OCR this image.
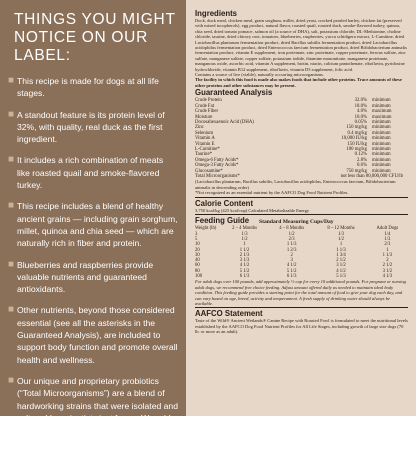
THINGS YOU MIGHT NOTICE ON OUR LABEL:
■ This recipe is made for dogs at all life stages.
■ A standout feature is its protein level of 32%, with quality, real duck as the first ingredient.
■ It includes a rich combination of meats like roasted quail and smoke-flavored turkey.
■ This recipe includes a blend of healthy ancient grains — including grain sorghum, millet, quinoa and chia seed — which are naturally rich in fiber and protein.
■ Blueberries and raspberries provide valuable nutrients and guaranteed antioxidants.
■ Other nutrients, beyond those considered essential (see all the asterisks in the Guaranteed Analysis), are included to support body function and promote overall health and wellness.
■ Our unique and proprietary probiotics (“Total Microorganisms”) are a blend of hardworking strains that were isolated and cultured by scientists just for us. We add them at guaranteed levels so every serving can help support digestive, immune and overall health.

Ingredients

Duck, duck meal, chicken meal, grain sorghum, millet, dried yeast, cracked pearled barley, chicken fat (preserved with mixed tocopherols), egg product, natural flavor, roasted quail, roasted duck, smoke-flavored turkey, quinoa, chia seed, dried tomato pomace, salmon oil (a source of DHA), salt, potassium chloride, DL-Methionine, choline chloride, taurine, dried chicory root, tomatoes, blueberries, raspberries, yucca schidigera extract, L-Carnitine, dried Lactobacillus plantarum fermentation product, dried Bacillus subtilis fermentation product, dried Lactobacillus acidophilus fermentation product, dried Enterococcus faecium fermentation product, dried Bifidobacterium animalis fermentation product, vitamin E supplement, iron proteinate, zinc proteinate, copper proteinate, ferrous sulfate, zinc sulfate, manganese sulfate, copper sulfate, potassium iodide, thiamine mononitrate, manganese proteinate, manganous oxide, ascorbic acid, vitamin A supplement, biotin, niacin, calcium pantothenate, riboflavin, pyridoxine hydrochloride, vitamin B12 supplement, riboflavin, vitamin D3 supplement, folic acid.

Contains a source of live (viable), naturally occurring microorganisms.

The facility in which this food is made also makes foods that include other proteins. Trace amounts of these other proteins and other substances may be present.

Guaranteed Analysis

Crude Protein	32.0%	minimum
Crude Fat	18.0%	minimum
Crude Fiber	4.0%	maximum
Moisture	10.0%	maximum
Docosahexaenoic Acid (DHA)	0.05%	minimum
Zinc	150 mg/kg	minimum
Selenium	0.4 mg/kg	minimum
Vitamin A	10,000 IU/kg	minimum
Vitamin E	150 IU/kg	minimum
L-Carnitine*	100 mg/kg	minimum
Taurine*	0.12%	minimum
Omega-6 Fatty Acids*	2.8%	minimum
Omega-3 Fatty Acids*	0.6%	minimum
Glucosamine*	750 mg/kg	minimum
Total Microorganisms*	not less than 80,000,000 CFU/lb	

(Lactobacillus plantarum, Bacillus subtilis, Lactobacillus acidophilus, Enterococcus faecium, Bifidobacterium animalis in descending order)

*Not recognized as an essential nutrient by the AAFCO Dog Food Nutrient Profiles.

Calorie Content

3,750 kcal/kg (425 kcal/cup) Calculated Metabolizable Energy

Feeding Guide	Standard Measuring Cups/Day

Weight (lb)	2 – 4 Months	4 – 8 Months	8 – 12 Months	Adult Dogs
3	1/3	1/2	1/3	1/4
5	1/2	2/3	1/2	1/3
10	1	1 1/3	1	2/3
20	1 1/2	1 2/3	1 1/3	1
30	2 1/3	2	1 3/4	1 1/3
40	3 1/3	3	2 1/2	2
60	4 1/2	4 1/2	3 1/2	2 1/2
80	5 1/2	5 1/2	4 1/2	3 1/2
100	6 1/3	6 1/3	5 1/3	4 1/3

For adult dogs over 100 pounds, add approximately ½ cup for every 10 additional pounds. For pregnant or nursing adult dogs, we recommend free choice feeding. Adjust amount offered daily as needed to maintain ideal body condition. This feeding guide provides a starting point for the total amount of food to give your dog each day, and can vary based on age, breed, activity and temperament. A fresh supply of drinking water should always be available.

AAFCO Statement

Taste of the Wild® Ancient Wetlands® Canine Recipe with Roasted Fowl is formulated to meet the nutritional levels established by the AAFCO Dog Food Nutrient Profiles for All Life Stages, including growth of large size dogs (70 lb. or more as an adult).
